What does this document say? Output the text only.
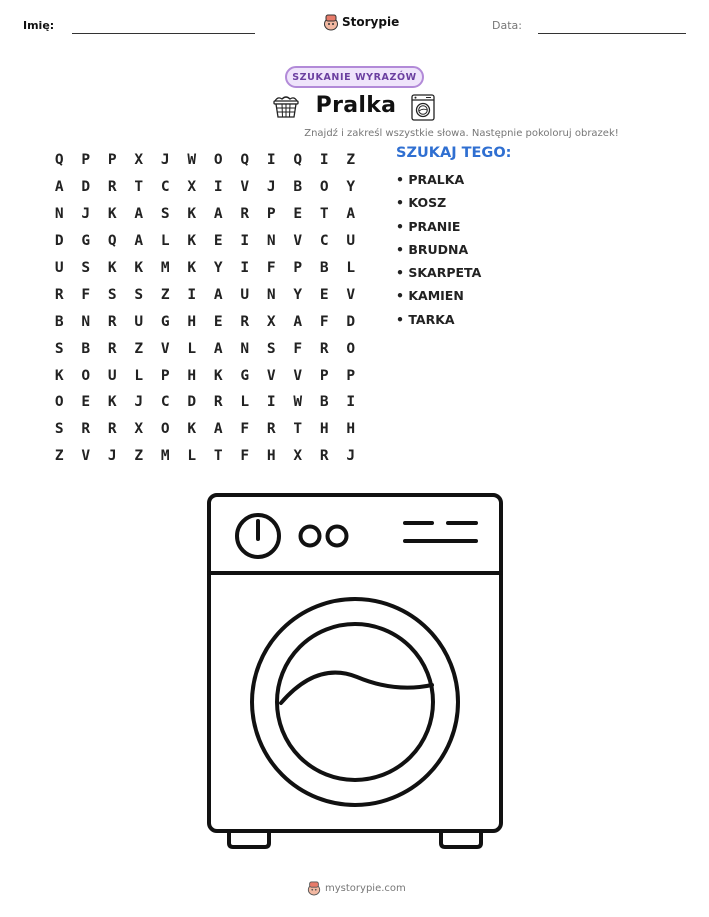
Imię:	Storypie	Data:
SZUKANIE WYRAZÓW
Pralka
Znajdź i zakreśl wszystkie słowa. Następnie pokoloruj obrazek!
Q	P	P	X	J	W	O	Q	I	Q	I	Z
A	D	R	T	C	X	I	V	J	B	O	Y
N	J	K	A	S	K	A	R	P	E	T	A
D	G	Q	A	L	K	E	I	N	V	C	U
U	S	K	K	M	K	Y	I	F	P	B	L
R	F	S	S	Z	I	A	U	N	Y	E	V
B	N	R	U	G	H	E	R	X	A	F	D
S	B	R	Z	V	L	A	N	S	F	R	O
K	O	U	L	P	H	K	G	V	V	P	P
O	E	K	J	C	D	R	L	I	W	B	I
S	R	R	X	O	K	A	F	R	T	H	H
Z	V	J	Z	M	L	T	F	H	X	R	J
SZUKAJ TEGO:
• PRALKA
• KOSZ
• PRANIE
• BRUDNA
• SKARPETA
• KAMIEN
• TARKA
mystorypie.com
